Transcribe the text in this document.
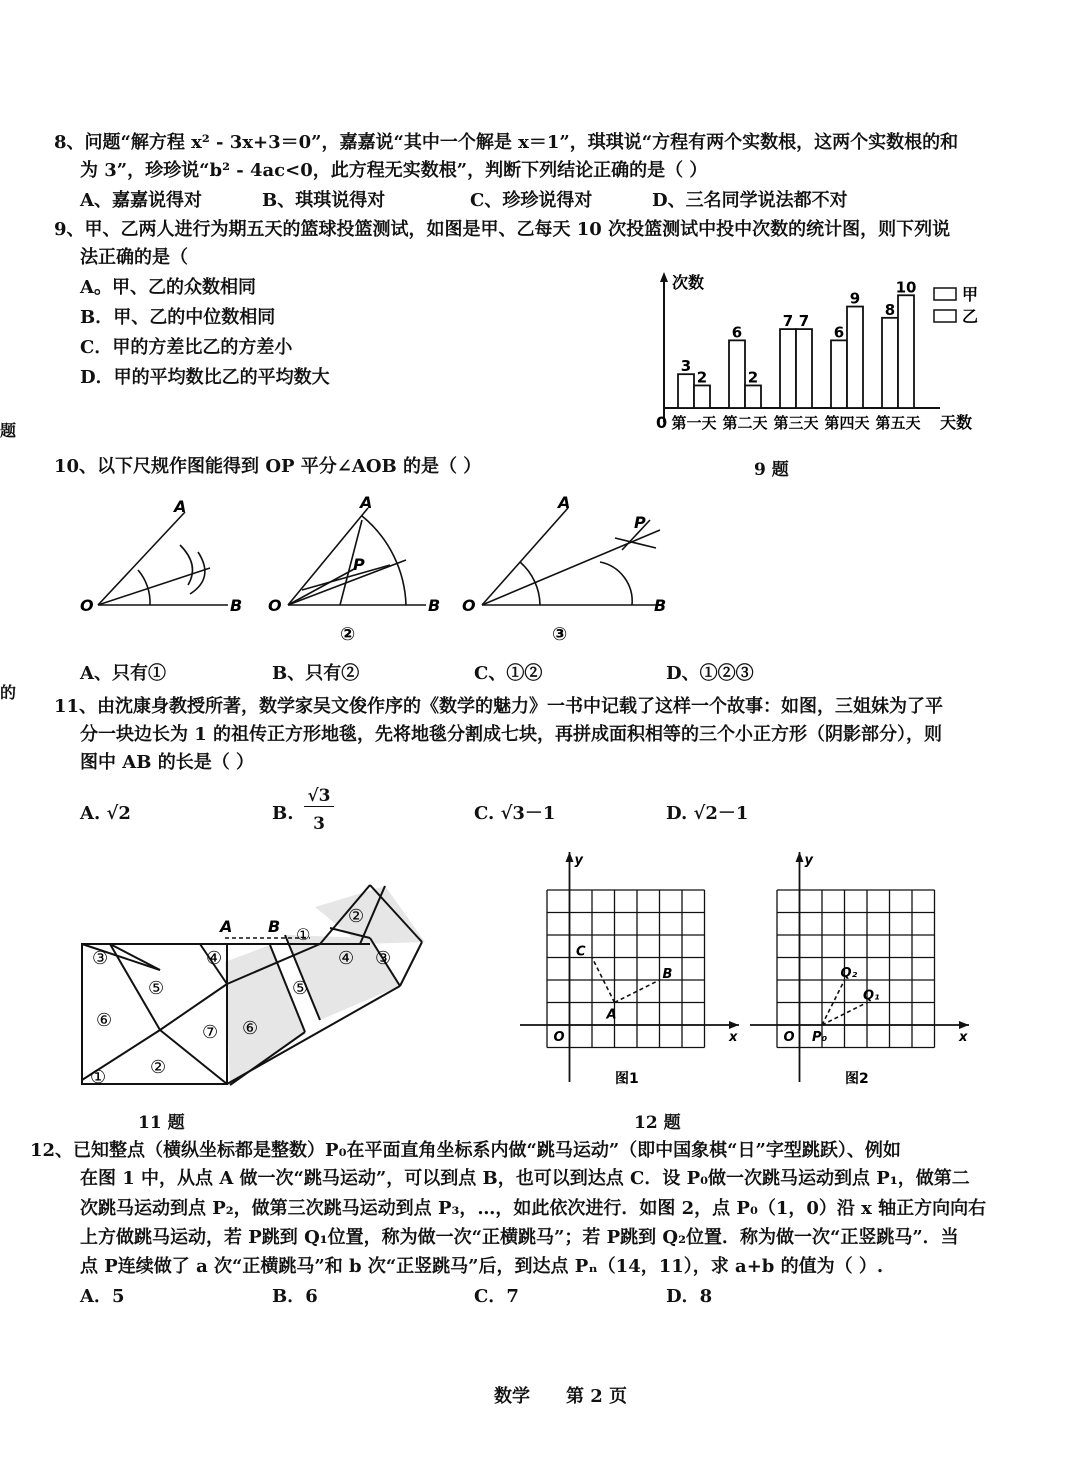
题
的
8、问题“解方程 x² - 3x+3＝0”，嘉嘉说“其中一个解是 x＝1”，琪琪说“方程有两个实数根，这两个实数根的和
为 3”，珍珍说“b² - 4ac<0，此方程无实数根”，判断下列结论正确的是（ ）
A、嘉嘉说得对	B、琪琪说得对	C、珍珍说得对	D、三名同学说法都不对
9、甲、乙两人进行为期五天的篮球投篮测试，如图是甲、乙每天 10 次投篮测试中投中次数的统计图，则下列说
法正确的是（
A。甲、乙的众数相同
B．甲、乙的中位数相同
C．甲的方差比乙的方差小
D．甲的平均数比乙的平均数大
次数
0	天数
3
2
第一天
6
2
第二天
7 7
第三天
6
9
第四天
8
10
第五天
甲
乙
9 题
10、以下尺规作图能得到 OP 平分∠AOB 的是（ ）
A
O	B
A
P
O	B
②
A
P
O	B
③
A、只有①	B、只有②	C、①②	D、①②③
11、由沈康身教授所著，数学家吴文俊作序的《数学的魅力》一书中记载了这样一个故事：如图，三姐妹为了平
分一块边长为 1 的祖传正方形地毯，先将地毯分割成七块，再拼成面积相等的三个小正方形（阴影部分），则
图中 AB 的长是（ ）
A. √2	B.
√3
3	C. √3－1	D. √2－1
A B
①
①
②
②
③	③
④	④
⑤	⑤
⑥	⑥
⑦
11 题
y
x
O
图1
A
B
C
y
x
O
图2
P₀
Q₁
Q₂
12 题
12、已知整点（横纵坐标都是整数）P₀在平面直角坐标系内做“跳马运动”（即中国象棋“日”字型跳跃）、例如
在图 1 中，从点 A 做一次“跳马运动”，可以到点 B，也可以到达点 C．设 P₀做一次跳马运动到点 P₁，做第二
次跳马运动到点 P₂，做第三次跳马运动到点 P₃，…，如此依次进行．如图 2，点 P₀（1，0）沿 x 轴正方向向右
上方做跳马运动，若 P跳到 Q₁位置，称为做一次“正横跳马”；若 P跳到 Q₂位置．称为做一次“正竖跳马”．当
点 P连续做了 a 次“正横跳马”和 b 次“正竖跳马”后，到达点 Pₙ（14，11），求 a+b 的值为（ ）.
A．5	B．6	C．7	D．8
数学 第 2 页
